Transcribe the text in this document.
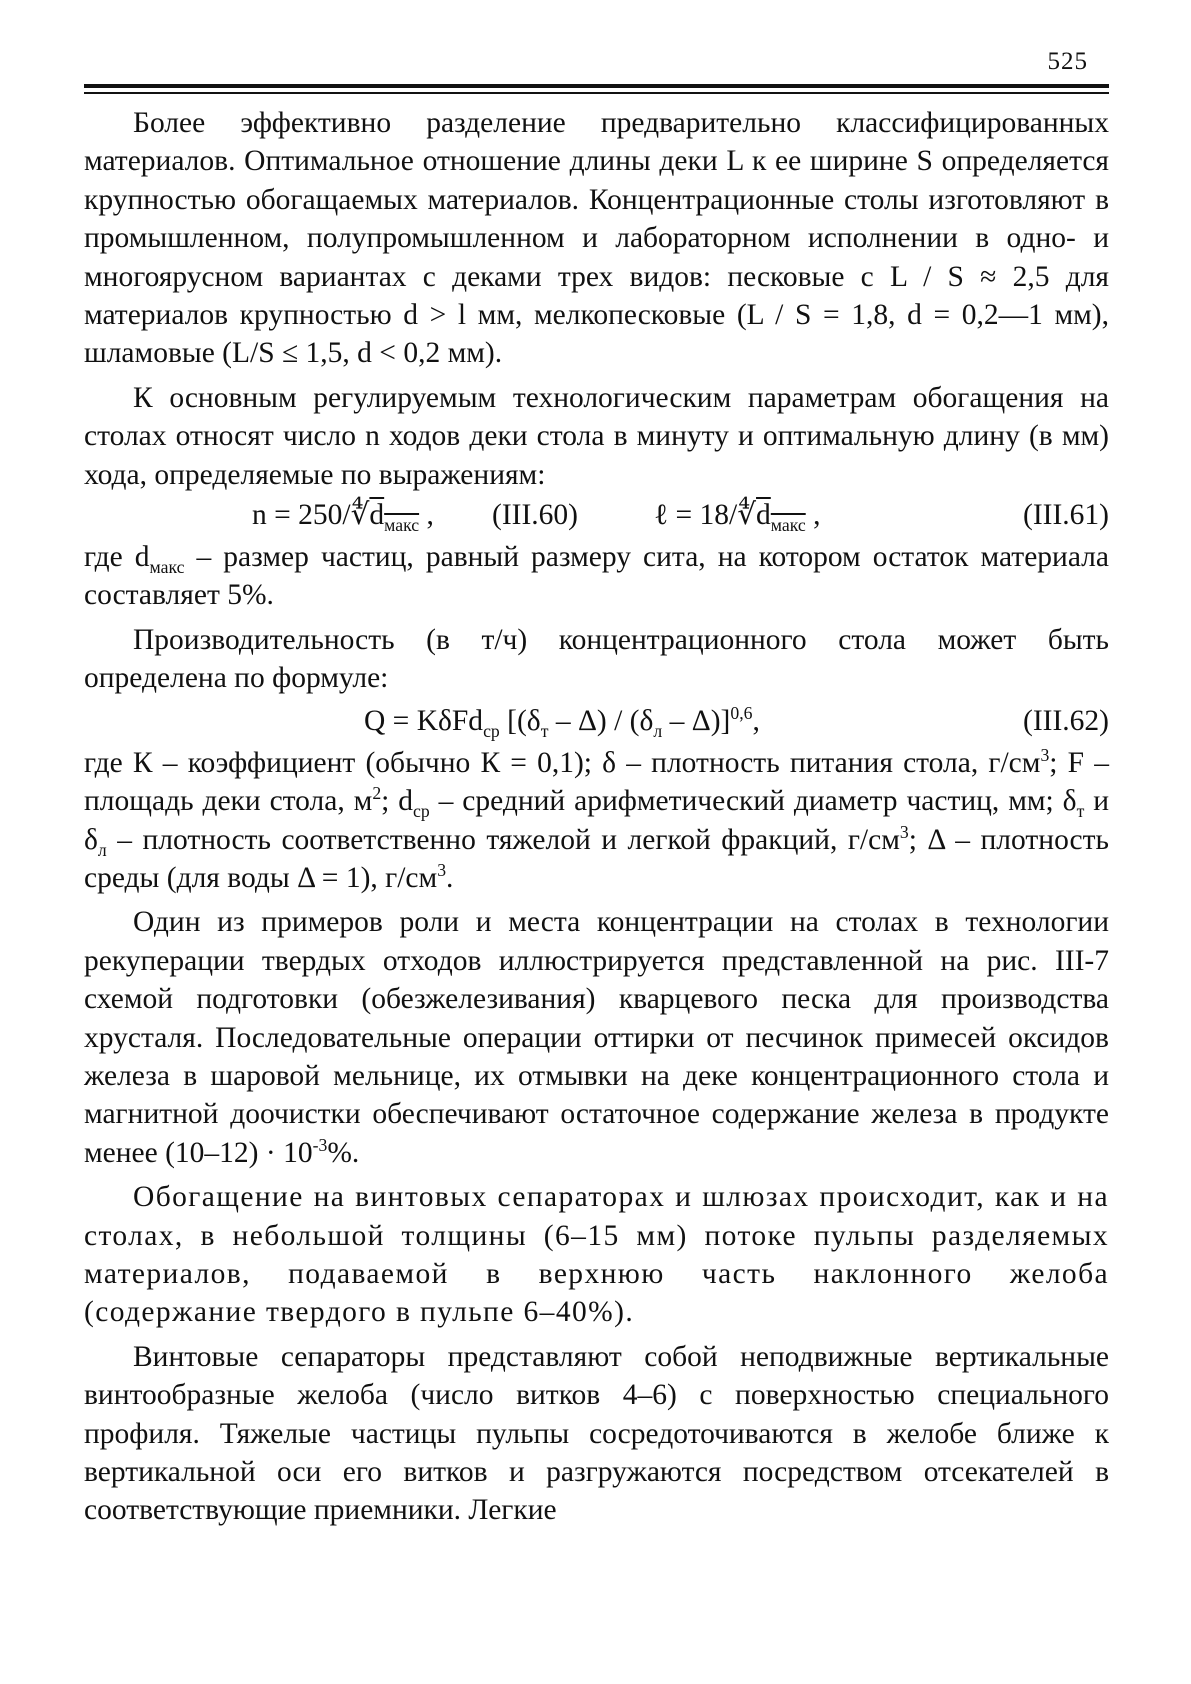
525

Более эффективно разделение предварительно классифицированных материалов. Оптимальное отношение длины деки L к ее ширине S определяется крупностью обогащаемых материалов. Концентрационные столы изготовляют в промышленном, полупромышленном и лабораторном исполнении в одно- и многоярусном вариантах с деками трех видов: песковые с L / S ≈ 2,5 для материалов крупностью d > l мм, мелкопесковые (L / S = 1,8, d = 0,2—1 мм), шламовые (L/S ≤ 1,5, d < 0,2 мм).

К основным регулируемым технологическим параметрам обогащения на столах относят число n ходов деки стола в минуту и оптимальную длину (в мм) хода, определяемые по выражениям:

$n = 250/∜d_{макс}$ , (III.60)	ℓ = $18/∜d_{макс}$ ,	(III.61)

где $d_{макс}$ – размер частиц, равный размеру сита, на котором остаток материала составляет 5%.

Производительность (в т/ч) концентрационного стола может быть определена по формуле:

Q = KδFd$_{ср}$ $[(\delta_т - \Delta) / (\delta_л - \Delta)]^{0,6}$,	(III.62)

где К – коэффициент (обычно К = 0,1); δ – плотность питания стола, $г/см^3$; F –площадь деки стола, $м^2$; $d_{ср}$ – средний арифметический диаметр частиц, мм; $\delta_т$ и $\delta_л$ – плотность соответственно тяжелой и легкой фракций, $г/см^3$; Δ – плотность среды (для воды Δ = 1), $г/см^3$.

Один из примеров роли и места концентрации на столах в технологии рекуперации твердых отходов иллюстрируется представленной на рис. III-7 схемой подготовки (обезжелезивания) кварцевого песка для производства хрусталя. Последовательные операции оттирки от песчинок примесей оксидов железа в шаровой мельнице, их отмывки на деке концентрационного стола и магнитной доочистки обеспечивают остаточное содержание железа в продукте менее $(10-12) \cdot 10^{-3}\%$.

Обогащение на винтовых сепараторах и шлюзах происходит, как и на столах, в небольшой толщины (6–15 мм) потоке пульпы разделяемых материалов, подаваемой в верхнюю часть наклонного желоба (содержание твердого в пульпе 6–40%).

Винтовые сепараторы представляют собой неподвижные вертикальные винтообразные желоба (число витков 4–6) с поверхностью специального профиля. Тяжелые частицы пульпы сосредоточиваются в желобе ближе к вертикальной оси его витков и разгружаются посредством отсекателей в соответствующие приемники. Легкие
